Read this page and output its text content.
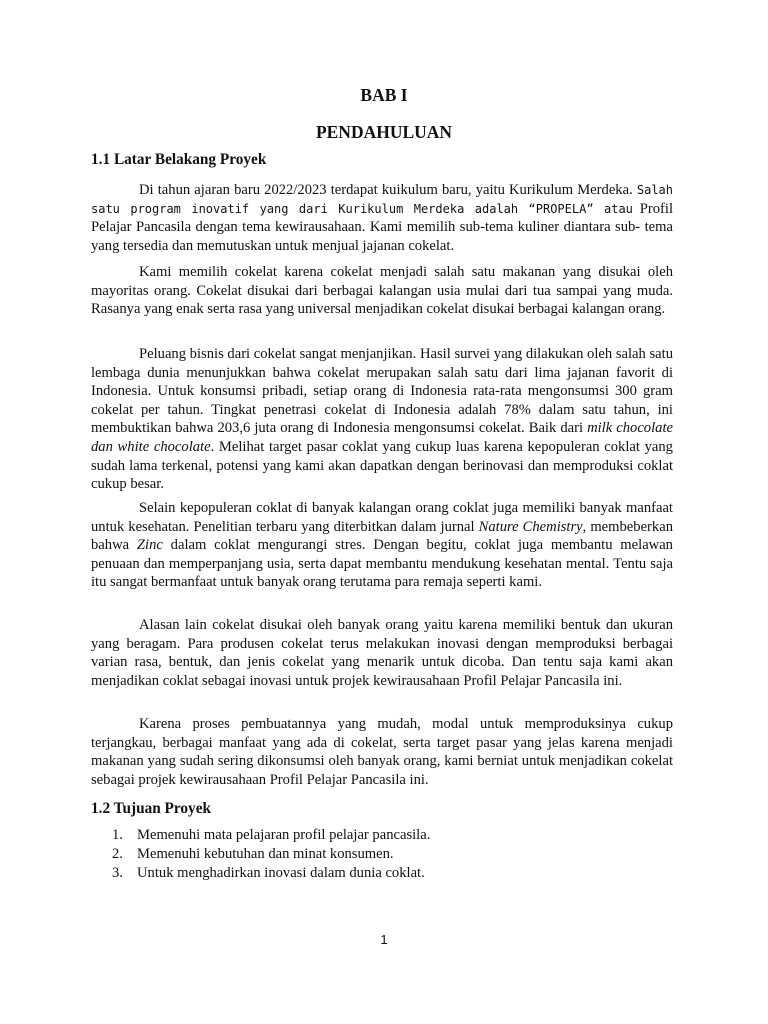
BAB I
PENDAHULUAN
1.1 Latar Belakang Proyek

Di tahun ajaran baru 2022/2023 terdapat kuikulum baru, yaitu Kurikulum Merdeka. Salah satu program inovatif yang dari Kurikulum Merdeka adalah “PROPELA” atau Profil Pelajar Pancasila dengan tema kewirausahaan. Kami memilih sub-tema kuliner diantara sub- tema yang tersedia dan memutuskan untuk menjual jajanan cokelat.

Kami memilih cokelat karena cokelat menjadi salah satu makanan yang disukai oleh mayoritas orang. Cokelat disukai dari berbagai kalangan usia mulai dari tua sampai yang muda. Rasanya yang enak serta rasa yang universal menjadikan cokelat disukai berbagai kalangan orang.

Peluang bisnis dari cokelat sangat menjanjikan. Hasil survei yang dilakukan oleh salah satu lembaga dunia menunjukkan bahwa cokelat merupakan salah satu dari lima jajanan favorit di Indonesia. Untuk konsumsi pribadi, setiap orang di Indonesia rata-rata mengonsumsi 300 gram cokelat per tahun. Tingkat penetrasi cokelat di Indonesia adalah 78% dalam satu tahun, ini membuktikan bahwa 203,6 juta orang di Indonesia mengonsumsi cokelat. Baik dari milk chocolate dan white chocolate. Melihat target pasar coklat yang cukup luas karena kepopuleran coklat yang sudah lama terkenal, potensi yang kami akan dapatkan dengan berinovasi dan memproduksi coklat cukup besar.

Selain kepopuleran coklat di banyak kalangan orang coklat juga memiliki banyak manfaat untuk kesehatan. Penelitian terbaru yang diterbitkan dalam jurnal Nature Chemistry, membeberkan bahwa Zinc dalam coklat mengurangi stres. Dengan begitu, coklat juga membantu melawan penuaan dan memperpanjang usia, serta dapat membantu mendukung kesehatan mental. Tentu saja itu sangat bermanfaat untuk banyak orang terutama para remaja seperti kami.

Alasan lain cokelat disukai oleh banyak orang yaitu karena memiliki bentuk dan ukuran yang beragam. Para produsen cokelat terus melakukan inovasi dengan memproduksi berbagai varian rasa, bentuk, dan jenis cokelat yang menarik untuk dicoba. Dan tentu saja kami akan menjadikan coklat sebagai inovasi untuk projek kewirausahaan Profil Pelajar Pancasila ini.

Karena proses pembuatannya yang mudah, modal untuk memproduksinya cukup terjangkau, berbagai manfaat yang ada di cokelat, serta target pasar yang jelas karena menjadi makanan yang sudah sering dikonsumsi oleh banyak orang, kami berniat untuk menjadikan cokelat sebagai projek kewirausahaan Profil Pelajar Pancasila ini.

1.2 Tujuan Proyek
1. Memenuhi mata pelajaran profil pelajar pancasila.
2. Memenuhi kebutuhan dan minat konsumen.
3. Untuk menghadirkan inovasi dalam dunia coklat.
1
